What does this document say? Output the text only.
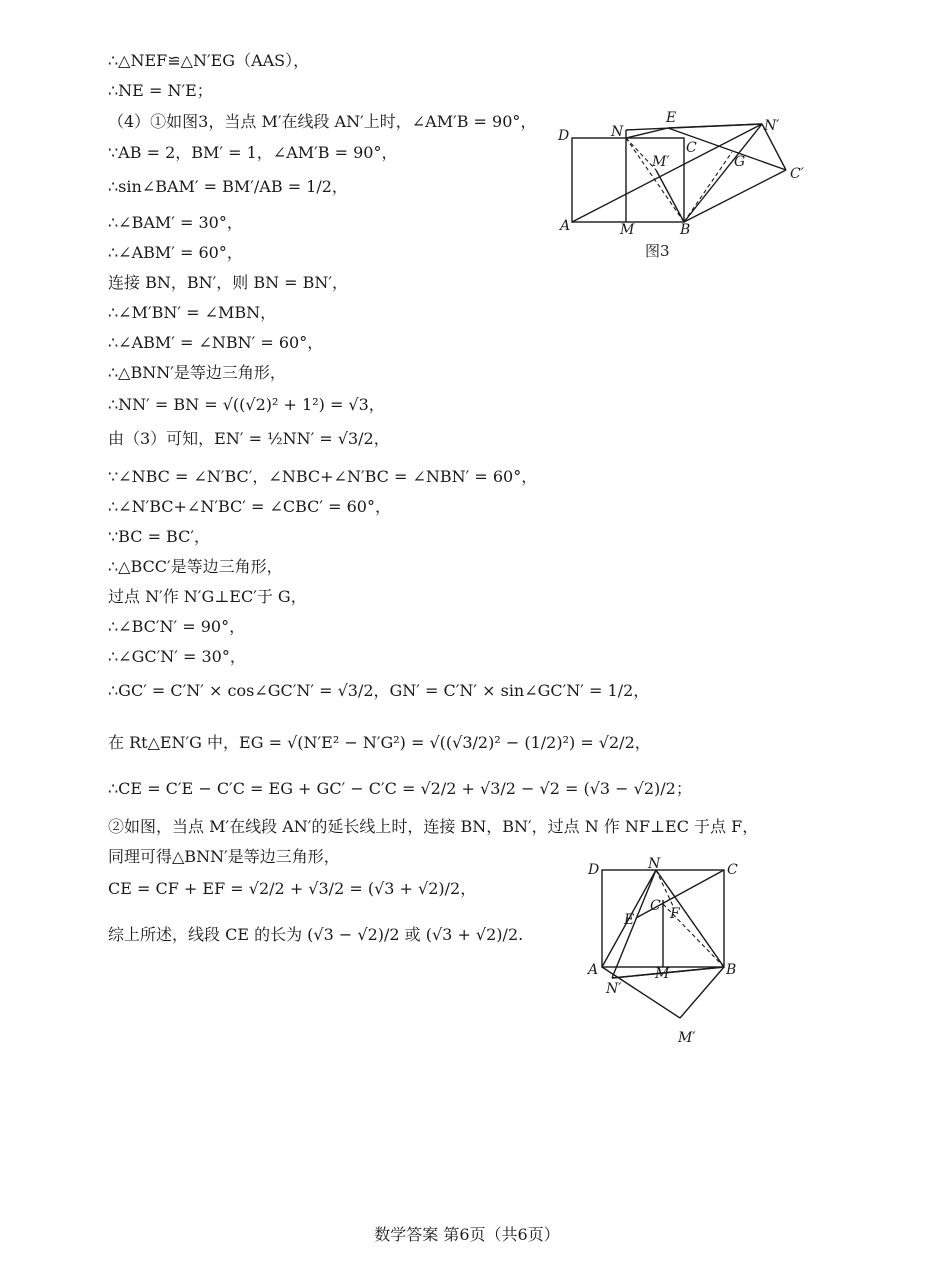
∴△NEF≌△N′EG（AAS），
∴NE = N′E；
（4）①如图3，当点 M′在线段 AN′上时，∠AM′B = 90°，
∵AB = 2，BM′ = 1，∠AM′B = 90°，
∴sin∠BAM′ = BM′/AB = 1/2，
∴∠BAM′ = 30°，
∴∠ABM′ = 60°，
连接 BN，BN′，则 BN = BN′，
∴∠M′BN′ = ∠MBN，
∴∠ABM′ = ∠NBN′ = 60°，
∴△BNN′是等边三角形，
∴NN′ = BN = √((√2)² + 1²) = √3，
由（3）可知，EN′ = ½NN′ = √3/2，
∵∠NBC = ∠N′BC′，∠NBC+∠N′BC = ∠NBN′ = 60°，
∴∠N′BC+∠N′BC′ = ∠CBC′ = 60°，
∵BC = BC′，
∴△BCC′是等边三角形，
过点 N′作 N′G⊥EC′于 G，
∴∠BC′N′ = 90°，
∴∠GC′N′ = 30°，
∴GC′ = C′N′ × cos∠GC′N′ = √3/2，GN′ = C′N′ × sin∠GC′N′ = 1/2，
在 Rt△EN′G 中，EG = √(N′E² − N′G²) = √((√3/2)² − (1/2)²) = √2/2，
∴CE = C′E − C′C = EG + GC′ − C′C = √2/2 + √3/2 − √2 = (√3 − √2)/2；
②如图，当点 M′在线段 AN′的延长线上时，连接 BN，BN′，过点 N 作 NF⊥EC 于点 F，
同理可得△BNN′是等边三角形，
CE = CF + EF = √2/2 + √3/2 = (√3 + √2)/2，
综上所述，线段 CE 的长为 (√3 − √2)/2 或 (√3 + √2)/2.
D	N
E	N′
C
M′	G
C′
A	M	B
图3
D	N	C
E
C F
A
N′
M	B
M′
数学答案 第6页（共6页）
